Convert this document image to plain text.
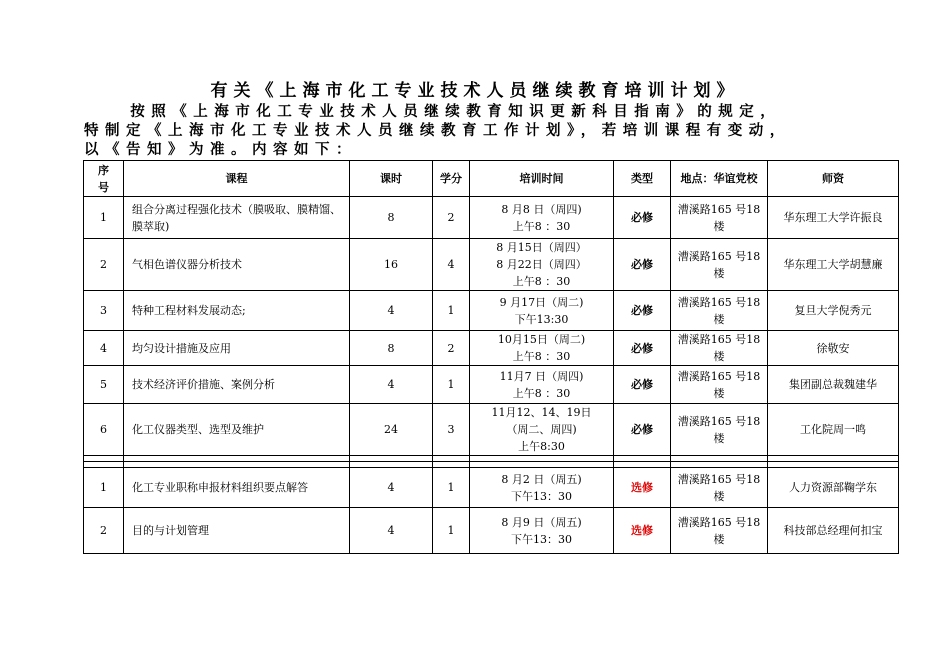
有关《上海市化工专业技术人员继续教育培训计划》
按照《上海市化工专业技术人员继续教育知识更新科目指南》的规定，
特制定《上海市化工专业技术人员继续教育工作计划》，若培训课程有变动，
以《告知》为准。内容如下：
序
号	课程	课时	学分	培训时间	类型	地点：华谊党校	师资
1	组合分离过程强化技术（膜吸取、膜精馏、膜萃取)	8	2	8 月8 日（周四)
上午8 ：30	必修	漕溪路165 号18
楼	华东理工大学许振良
2	气相色谱仪器分析技术	16	4	8 月15日（周四）
8 月22日（周四）
上午8 ：30	必修	漕溪路165 号18
楼	华东理工大学胡慧廉
3	特种工程材料发展动态;	4	1	9 月17日（周二)
下午13:30	必修	漕溪路165 号18
楼	复旦大学倪秀元
4	均匀设计措施及应用	8	2	10月15日（周二)
上午8 ：30	必修	漕溪路165 号18
楼	徐敬安
5	技术经济评价措施、案例分析	4	1	11月7 日（周四)
上午8 ：30	必修	漕溪路165 号18
楼	集团副总裁魏建华
6	化工仪器类型、选型及维护	24	3	11月12、14、19日
（周二、周四)
上午8:30	必修	漕溪路165 号18
楼	工化院周一鸣

1	化工专业职称申报材料组织要点解答	4	1	8 月2 日（周五)
下午13：30	选修	漕溪路165 号18
楼	人力资源部鞠学东
2	目的与计划管理	4	1	8 月9 日（周五)
下午13：30	选修	漕溪路165 号18
楼	科技部总经理何扣宝
